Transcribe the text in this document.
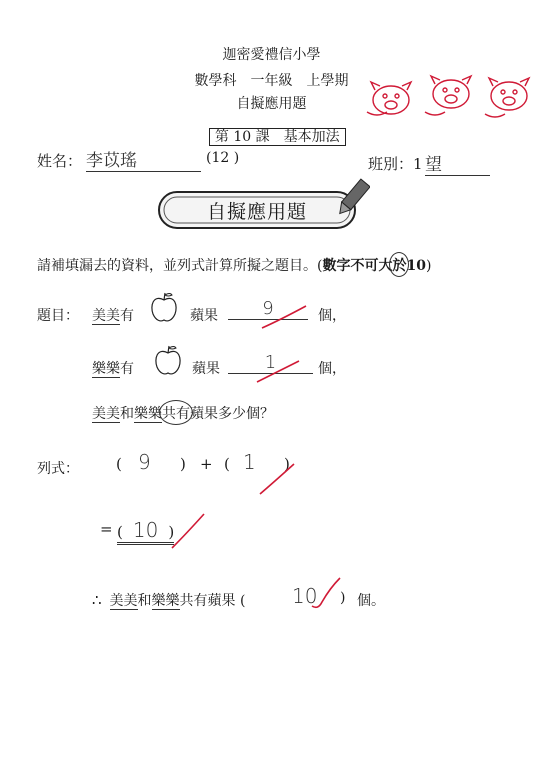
迦密愛禮信小學
數學科　一年級　上學期
自擬應用題

第 10 課　基本加法

姓名： 李苡瑤	(12 )	班別：1 望
自擬應用題
請補填漏去的資料，並列式計算所擬之題目。(數字不可大於10)
題目： 美美有	蘋果	9	個，
樂樂有	蘋果	1	個，
美美和樂樂共有蘋果多少個？
列式： ( 9 ) + ( 1 )
= ( 10 )
∴ 美美和樂樂共有蘋果 ( 10 ) 個。
